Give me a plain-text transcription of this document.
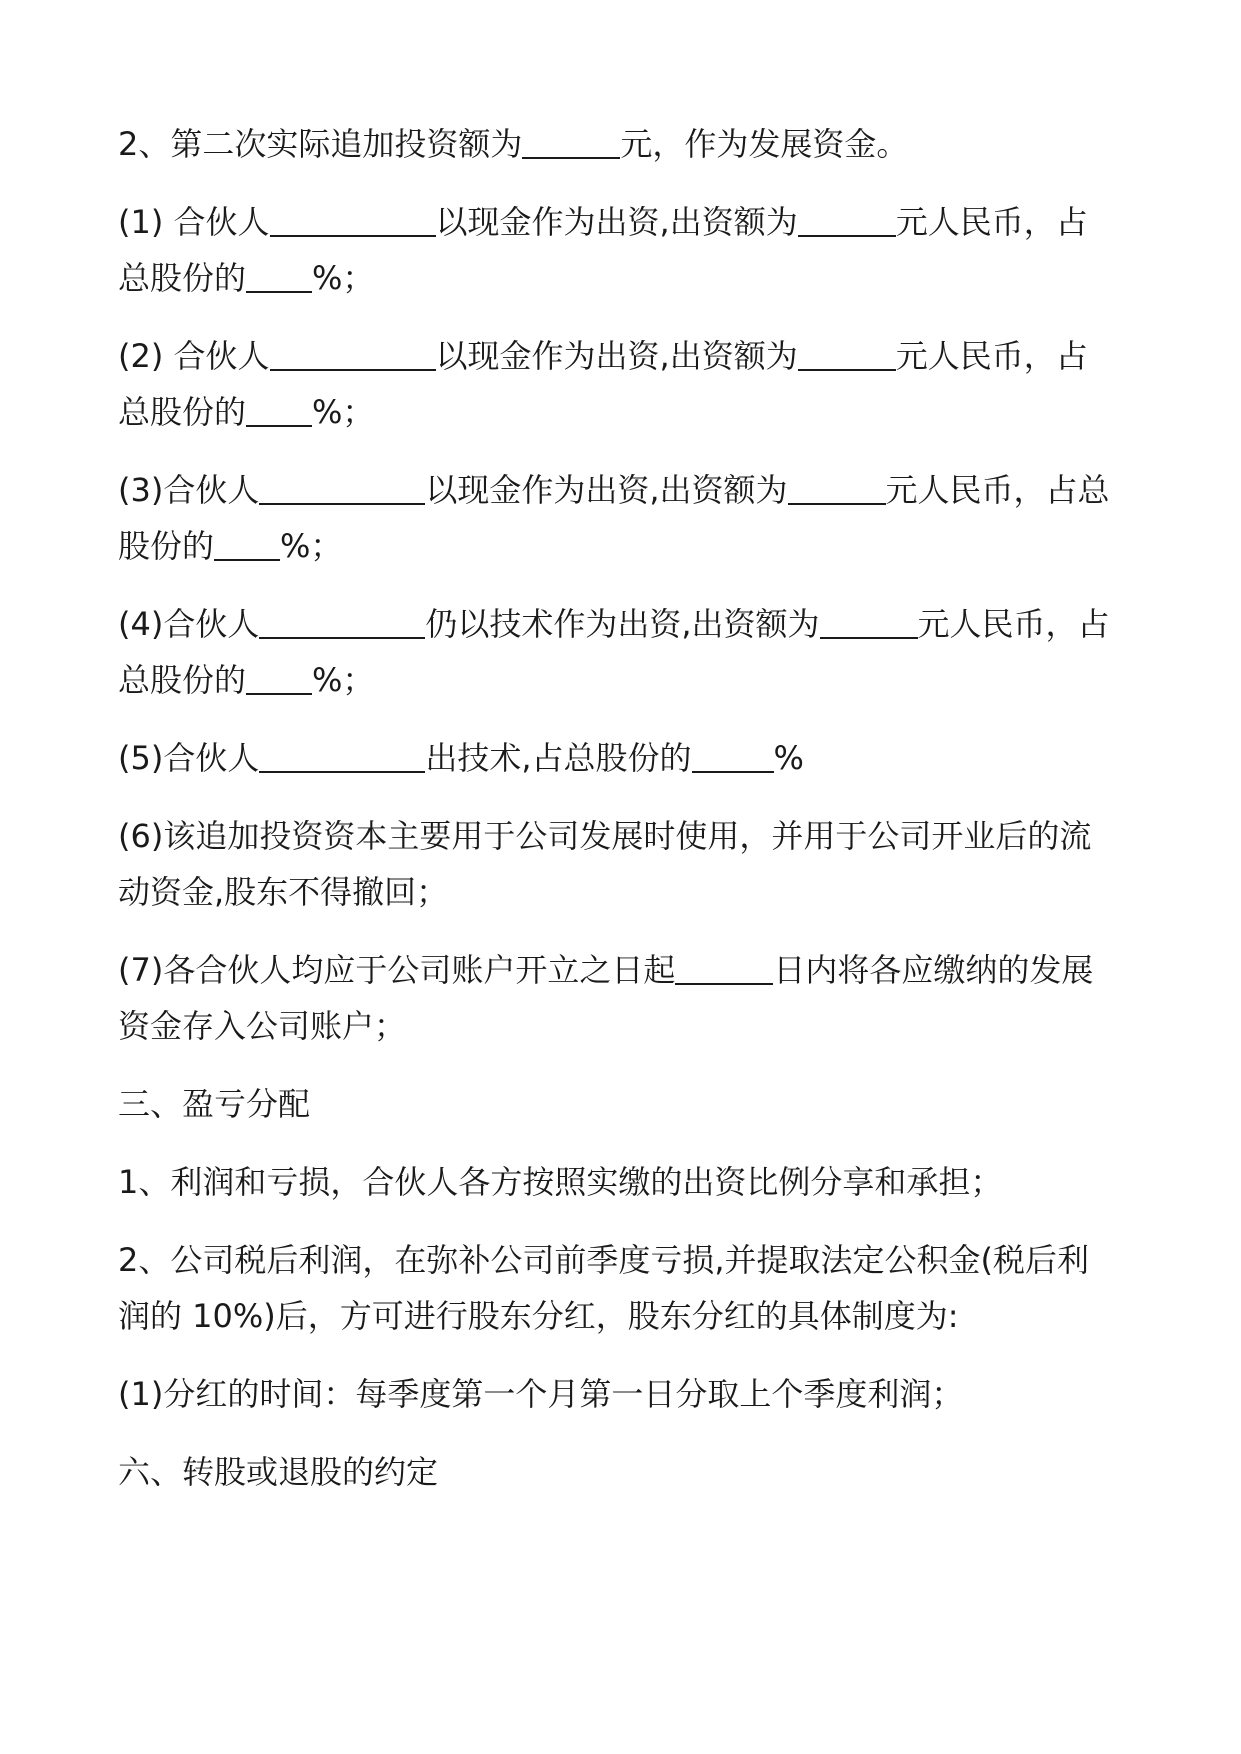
2、第二次实际追加投资额为	元，作为发展资金。
(1) 合伙人	以现金作为出资,出资额为	元人民币，占
总股份的 %；
(2) 合伙人	以现金作为出资,出资额为	元人民币，占
总股份的 %；
(3)合伙人	以现金作为出资,出资额为	元人民币，占总
股份的 %；
(4)合伙人	仍以技术作为出资,出资额为	元人民币，占
总股份的 %；
(5)合伙人	出技术,占总股份的	%
(6)该追加投资资本主要用于公司发展时使用，并用于公司开业后的流
动资金,股东不得撤回；
(7)各合伙人均应于公司账户开立之日起	日内将各应缴纳的发展
资金存入公司账户；
三、盈亏分配
1、利润和亏损，合伙人各方按照实缴的出资比例分享和承担；
2、公司税后利润，在弥补公司前季度亏损,并提取法定公积金(税后利
润的 10%)后，方可进行股东分红，股东分红的具体制度为:
(1)分红的时间：每季度第一个月第一日分取上个季度利润；
六、转股或退股的约定
